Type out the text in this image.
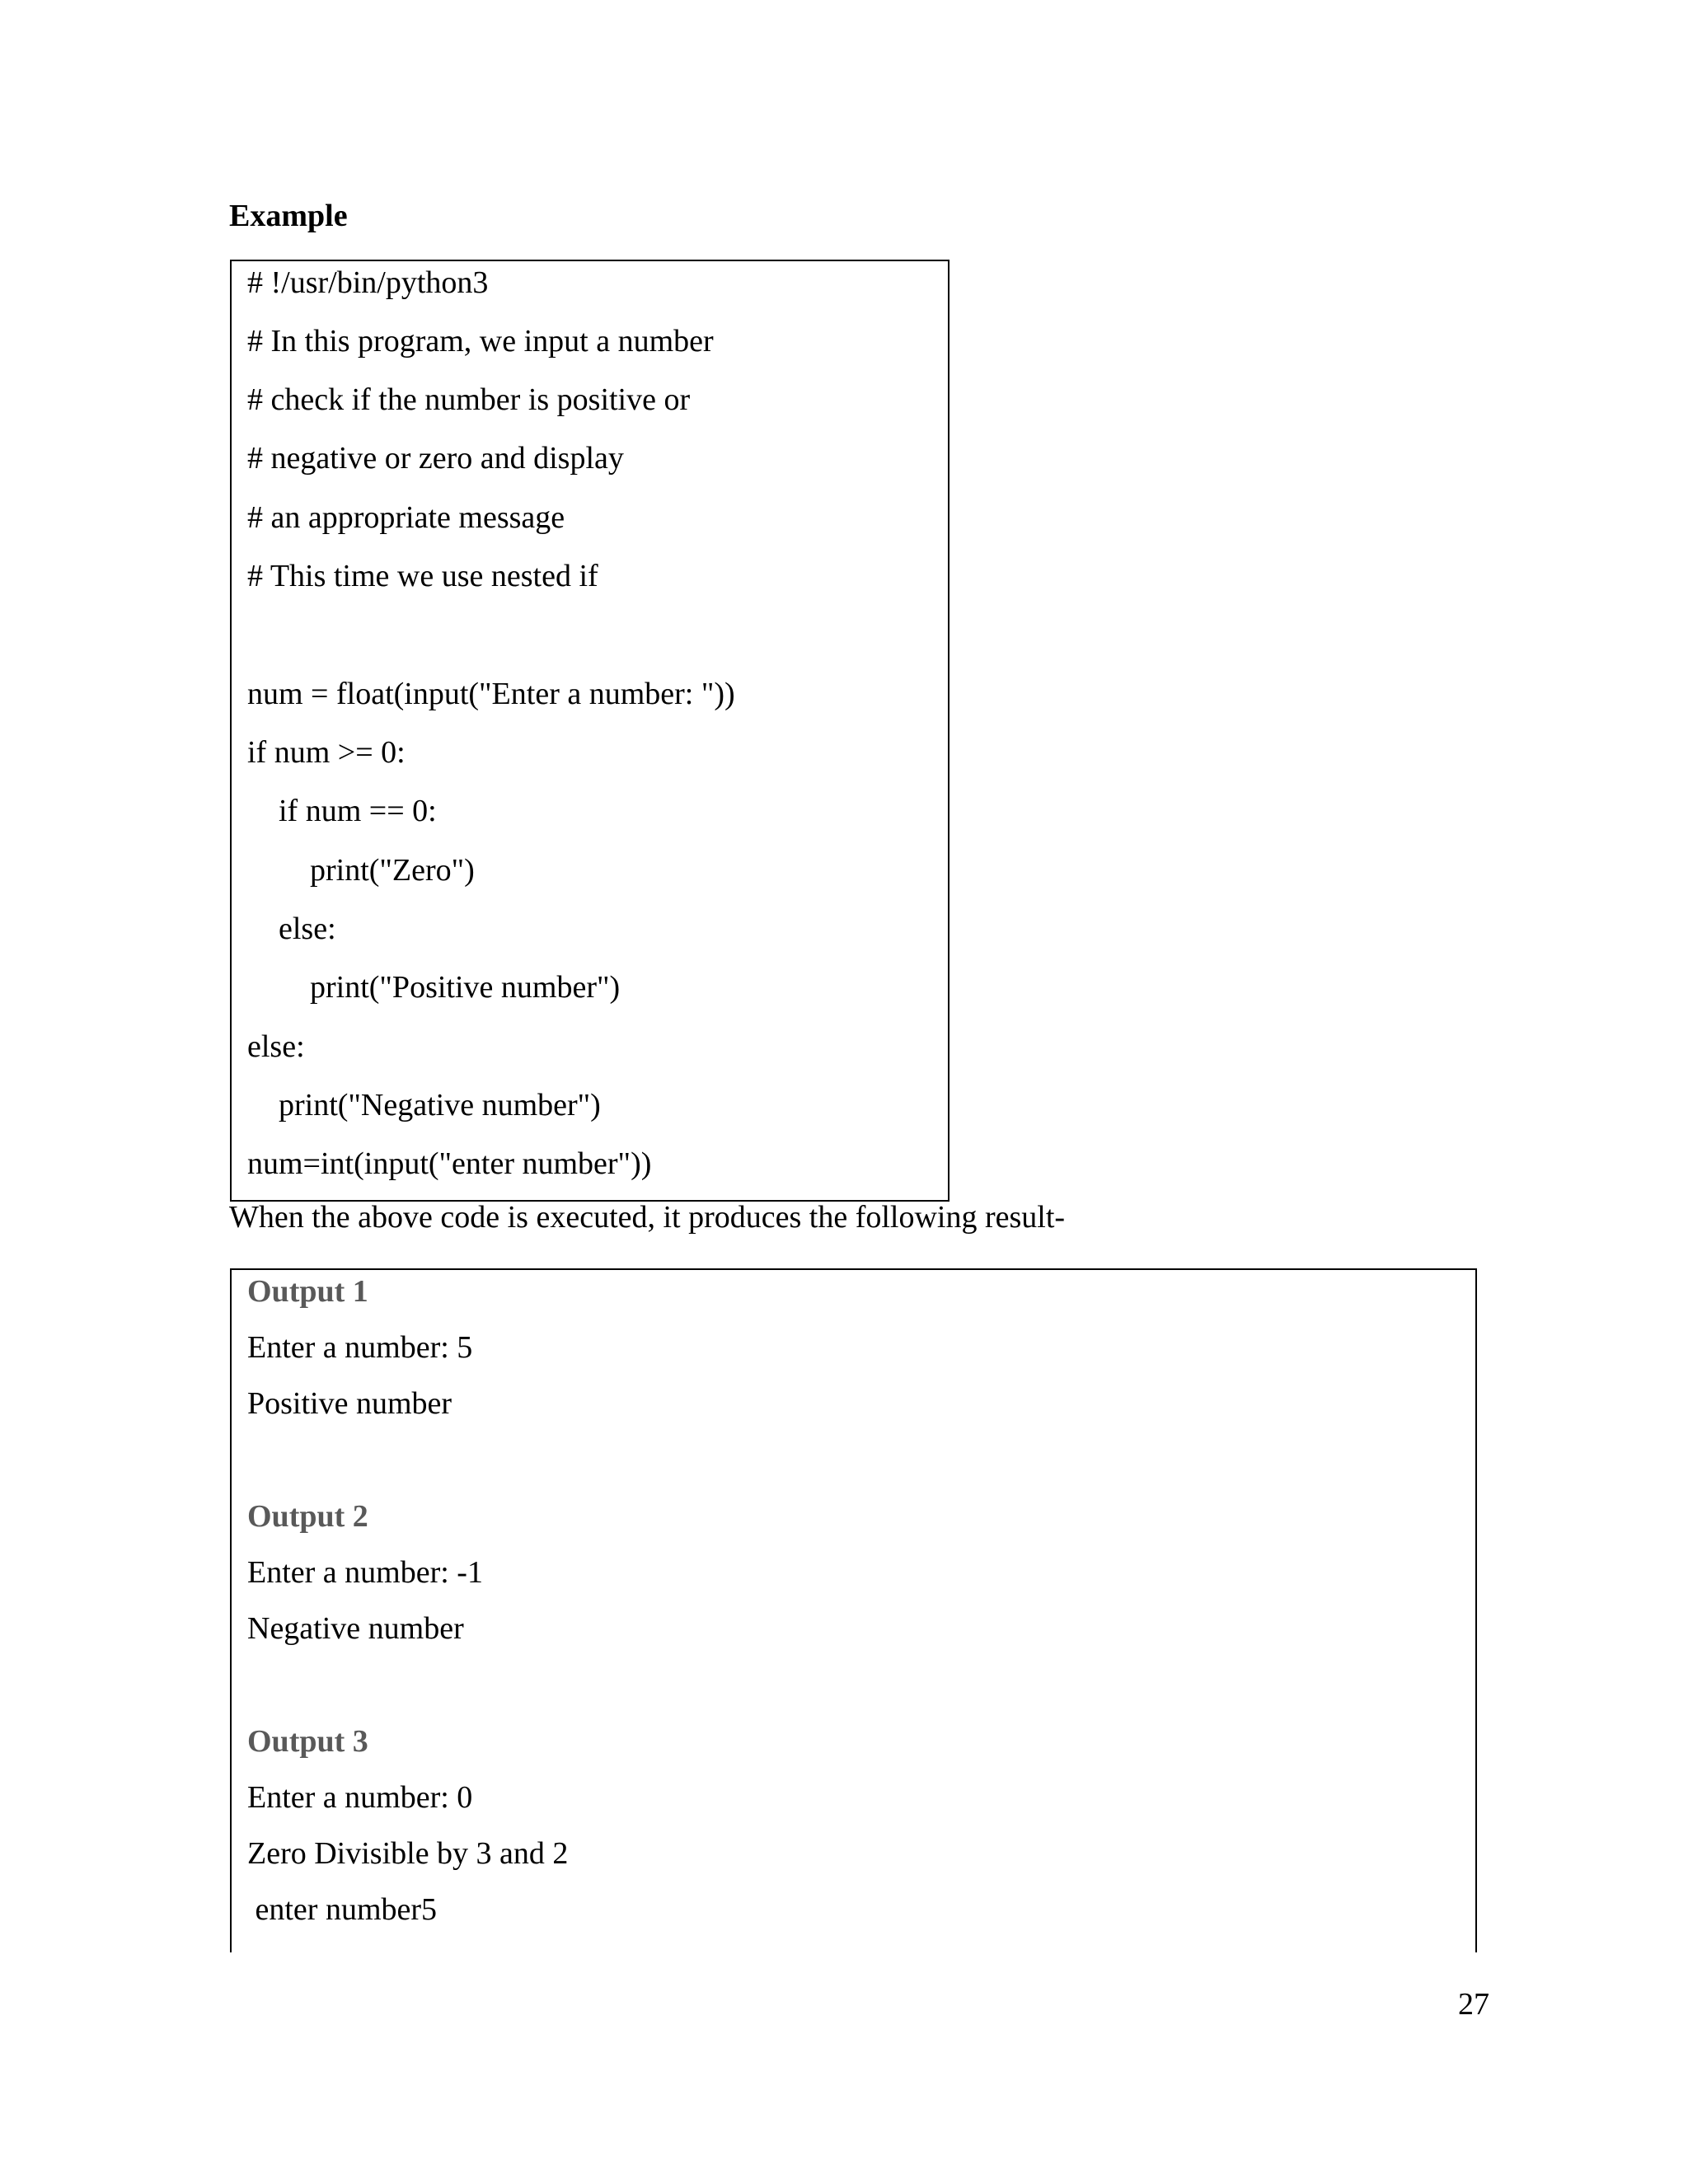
Example

# !/usr/bin/python3

# In this program, we input a number

# check if the number is positive or

# negative or zero and display

# an appropriate message

# This time we use nested if

num = float(input("Enter a number: "))

if num >= 0:

if num == 0:

print("Zero")

else:

print("Positive number")

else:

print("Negative number")

num=int(input("enter number"))

When the above code is executed, it produces the following result-

Output 1

Enter a number: 5

Positive number

Output 2

Enter a number: -1

Negative number

Output 3

Enter a number: 0

Zero Divisible by 3 and 2

enter number5

27
